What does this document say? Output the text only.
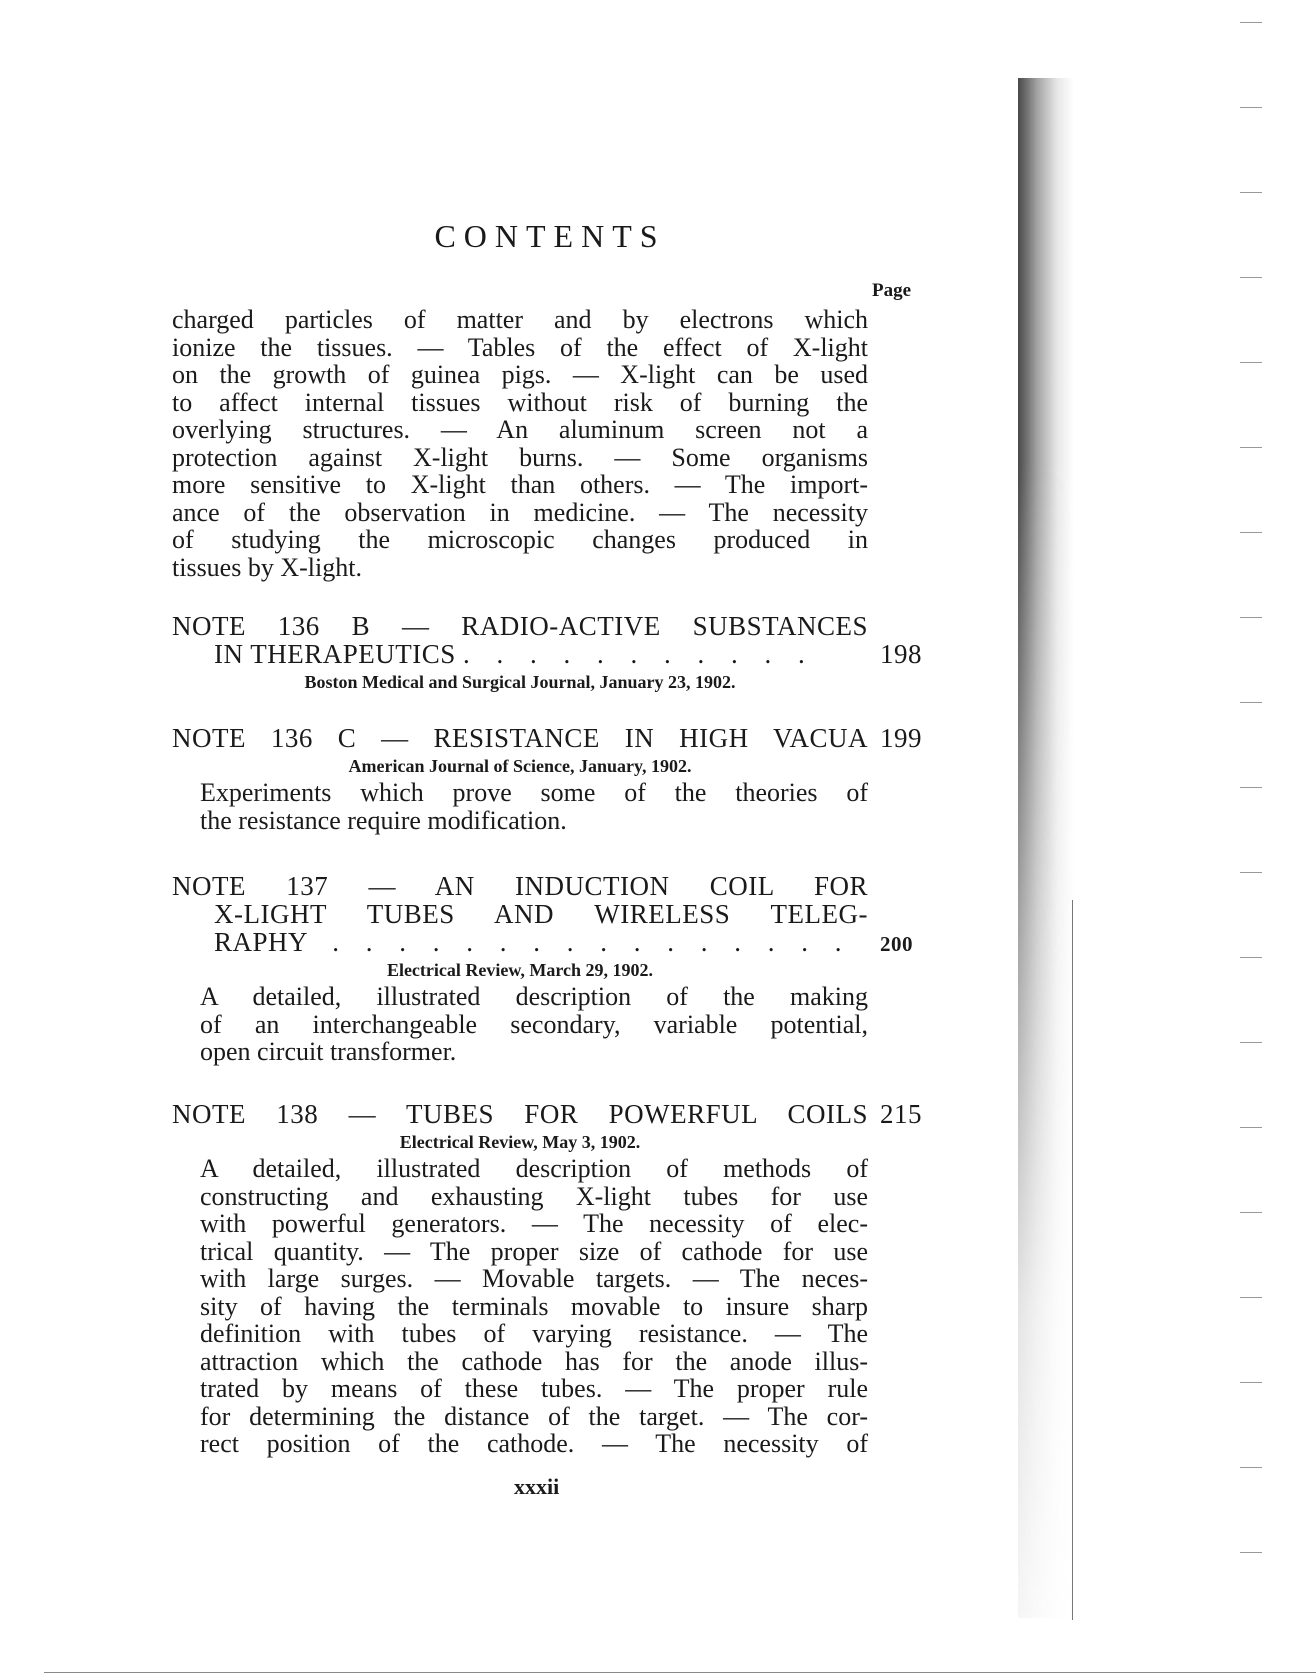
CONTENTS
Page

charged particles of matter and by electrons which
ionize the tissues. — Tables of the effect of X-light
on the growth of guinea pigs. — X-light can be used
to affect internal tissues without risk of burning the
overlying structures. — An aluminum screen not a
protection against X-light burns. — Some organisms
more sensitive to X-light than others. — The import-
ance of the observation in medicine. — The necessity
of studying the microscopic changes produced in
tissues by X-light.

NOTE 136 B — RADIO-ACTIVE SUBSTANCES
IN THERAPEUTICS . . . . . . . . . . .	198
Boston Medical and Surgical Journal, January 23, 1902.
NOTE 136 C — RESISTANCE IN HIGH VACUA 199
American Journal of Science, January, 1902.

Experiments which prove some of the theories of
the resistance require modification.

NOTE 137 — AN INDUCTION COIL FOR
X-LIGHT TUBES AND WIRELESS TELEG-
RAPHY . . . . . . . . . . . . . . . .	200
Electrical Review, March 29, 1902.

A detailed, illustrated description of the making
of an interchangeable secondary, variable potential,
open circuit transformer.

NOTE 138 — TUBES FOR POWERFUL COILS 215
Electrical Review, May 3, 1902.

A detailed, illustrated description of methods of
constructing and exhausting X-light tubes for use
with powerful generators. — The necessity of elec-
trical quantity. — The proper size of cathode for use
with large surges. — Movable targets. — The neces-
sity of having the terminals movable to insure sharp
definition with tubes of varying resistance. — The
attraction which the cathode has for the anode illus-
trated by means of these tubes. — The proper rule
for determining the distance of the target. — The cor-
rect position of the cathode. — The necessity of

xxxii
